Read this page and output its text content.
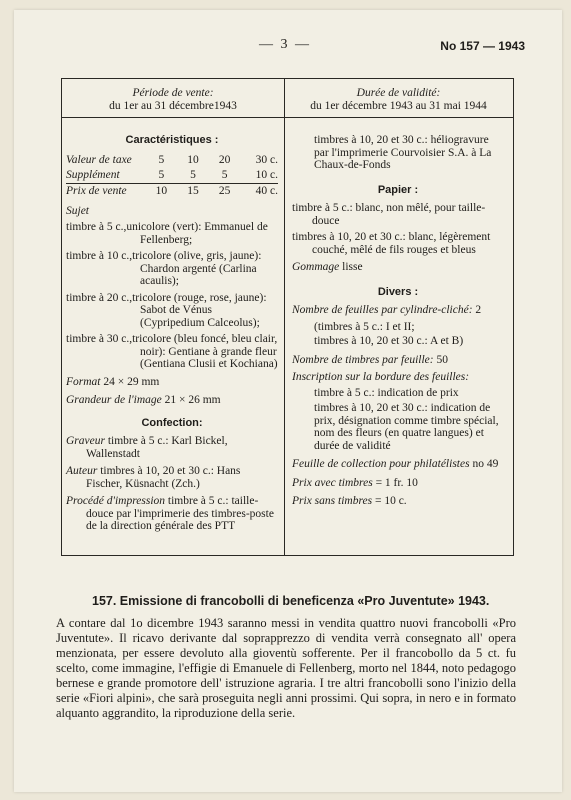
— 3 —	No 157 — 1943
Période de vente:
du 1er au 31 décembre1943
Durée de validité:
du 1er décembre 1943 au 31 mai 1944
Caractéristiques :
Valeur de taxe	5	10	20	30 c.
Supplément	5	5	5	10 c.
Prix de vente	10	15	25	40 c.
Sujet
timbre à 5 c.,unicolore (vert): Emmanuel de Fellenberg;
timbre à 10 c.,tricolore (olive, gris, jaune): Chardon argenté (Carlina acaulis);
timbre à 20 c.,tricolore (rouge, rose, jaune): Sabot de Vénus (Cypripedium Calceolus);
timbre à 30 c.,tricolore (bleu foncé, bleu clair, noir): Gentiane à grande fleur (Gentiana Clusii et Kochiana)
Format 24 × 29 mm
Grandeur de l'image 21 × 26 mm
Confection:
Graveur timbre à 5 c.: Karl Bickel, Wallenstadt
Auteur timbres à 10, 20 et 30 c.: Hans Fischer, Küsnacht (Zch.)
Procédé d'impression timbre à 5 c.: taille-douce par l'imprimerie des timbres-poste de la direction générale des PTT
timbres à 10, 20 et 30 c.: héliogravure par l'imprimerie Courvoisier S.A. à La Chaux-de-Fonds
Papier :
timbre à 5 c.: blanc, non mêlé, pour taille-douce
timbres à 10, 20 et 30 c.: blanc, légèrement couché, mêlé de fils rouges et bleus
Gommage lisse
Divers :
Nombre de feuilles par cylindre-cliché: 2
(timbres à 5 c.: I et II;
timbres à 10, 20 et 30 c.: A et B)
Nombre de timbres par feuille: 50
Inscription sur la bordure des feuilles:
timbre à 5 c.: indication de prix
timbres à 10, 20 et 30 c.: indication de prix, désignation comme timbre spécial, nom des fleurs (en quatre langues) et durée de validité
Feuille de collection pour philatélistes no 49
Prix avec timbres = 1 fr. 10
Prix sans timbres = 10 c.
157. Emissione di francobolli di beneficenza «Pro Juventute» 1943.
A contare dal 1o dicembre 1943 saranno messi in vendita quattro nuovi francobolli «Pro Juventute». Il ricavo derivante dal soprapprezzo di vendita verrà consegnato all' opera menzionata, per essere devoluto alla gioventù sofferente. Per il francobollo da 5 ct. fu scelto, come immagine, l'effigie di Emanuele di Fellenberg, morto nel 1844, noto pedagogo bernese e grande promotore dell' istruzione agraria. I tre altri francobolli sono l'inizio della serie «Fiori alpini», che sarà proseguita negli anni prossimi. Qui sopra, in nero e in formato alquanto aggrandito, la riproduzione della serie.
